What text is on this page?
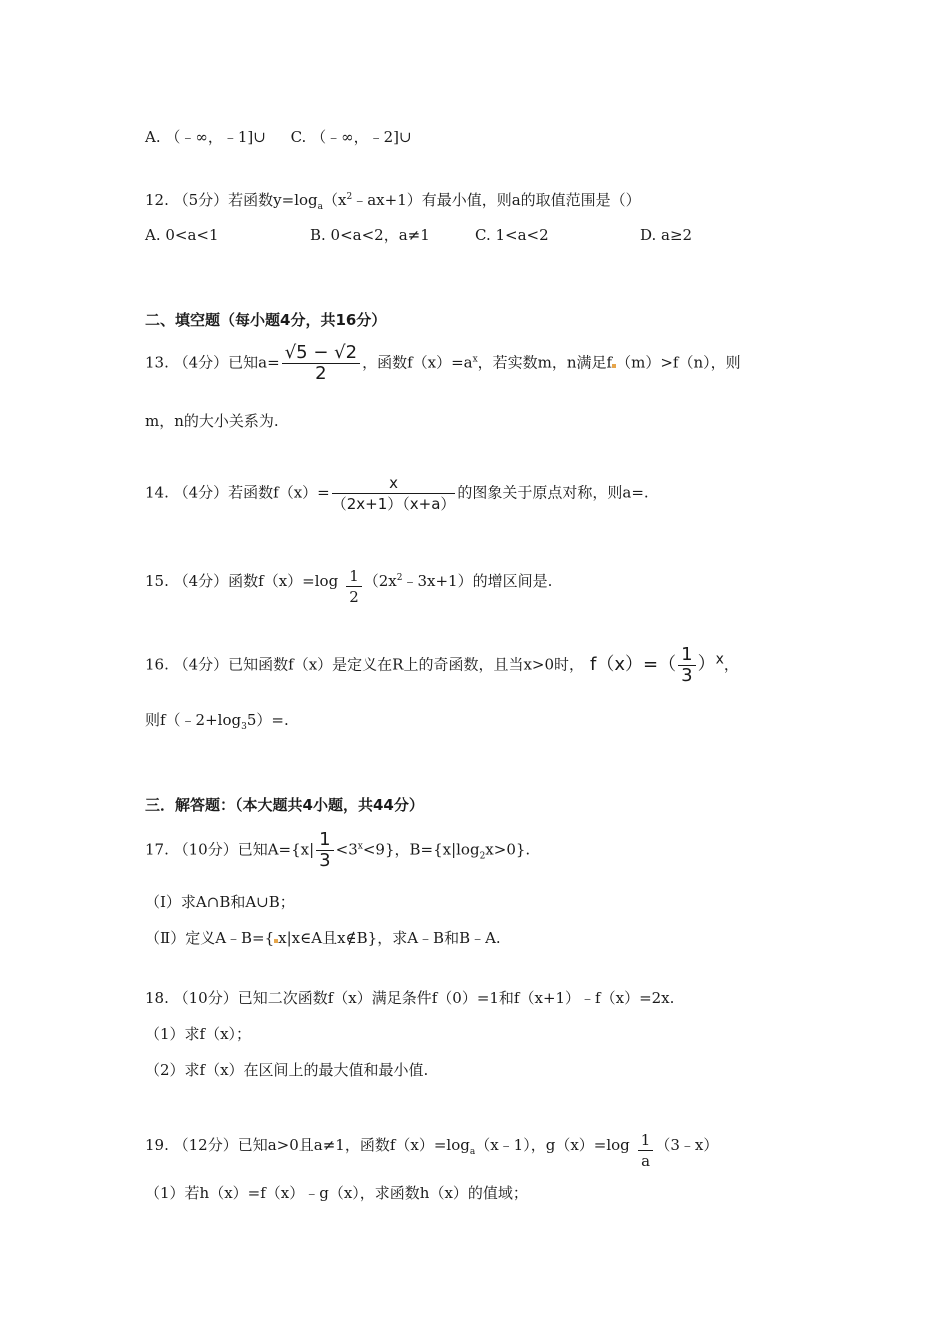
A. （﹣∞，﹣1]∪ C. （﹣∞，﹣2]∪
12. （5分）若函数$y=\log_a(x^2﹣ax+1)$有最小值，则a的取值范围是（）
A. 0<a<1	B. 0<a<2，a≠1	C. 1<a<2	D. a≥2
二、填空题（每小题4分，共16分）
13. （4分）已知$a= \frac{√5 - √2}{2}$ ，函数$f(x)=a^x$，若实数m，n满足f （m）>f（n），则
m，n的大小关系为.
14. （4分）若函数$f(x)= \frac{x}{(2x+1)(x+a)}$ 的图象关于原点对称，则a=.
15. （4分）函数$f(x)=\log \frac{1}{2}$ $(2x^2﹣3x+1)$的增区间是.
16. （4分）已知函数f（x）是定义在R上的奇函数，且当x>0时， $f(x)=( \frac{1}{3} )x$，
则$f(﹣2+\log_35)=$.
三．解答题：（本大题共4小题，共44分）
17. （10分）已知$A=\{x| \frac{1}{3} <3^x<9\}$，$B=\{x|\log_2x>0\}$.
（Ⅰ）求A∩B和A∪B；
（Ⅱ）定义A﹣B={ x|x∈A且x∉B}，求A﹣B和B﹣A.
18. （10分）已知二次函数f（x）满足条件f（0）=1和f（x+1）﹣f（x）=2x.
（1）求f（x）；
（2）求f（x）在区间上的最大值和最小值.
19. （12分）已知a>0且a≠1，函数$f(x)=\log_a(x﹣1)$，$g(x)=\log \frac{1}{a}$ （3﹣x）
（1）若h（x）=f（x）﹣g（x），求函数h（x）的值域；
